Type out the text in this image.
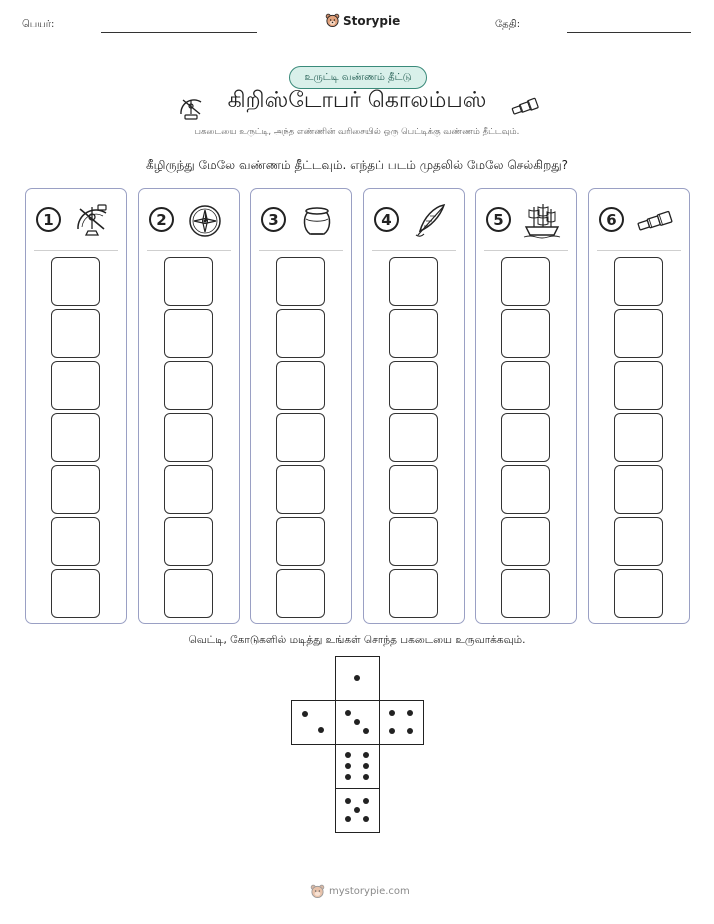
பெயர்:	Storypie	தேதி:
உருட்டி வண்ணம் தீட்டு
கிறிஸ்டோபர் கொலம்பஸ்
பகடையை உருட்டி, அந்த எண்ணின் வரிசையில் ஒரு பெட்டிக்கு வண்ணம் தீட்டவும்.
கீழிருந்து மேலே வண்ணம் தீட்டவும். எந்தப் படம் முதலில் மேலே செல்கிறது?
1	2	3	4	5	6
வெட்டி, கோடுகளில் மடித்து உங்கள் சொந்த பகடையை உருவாக்கவும்.
mystorypie.com
